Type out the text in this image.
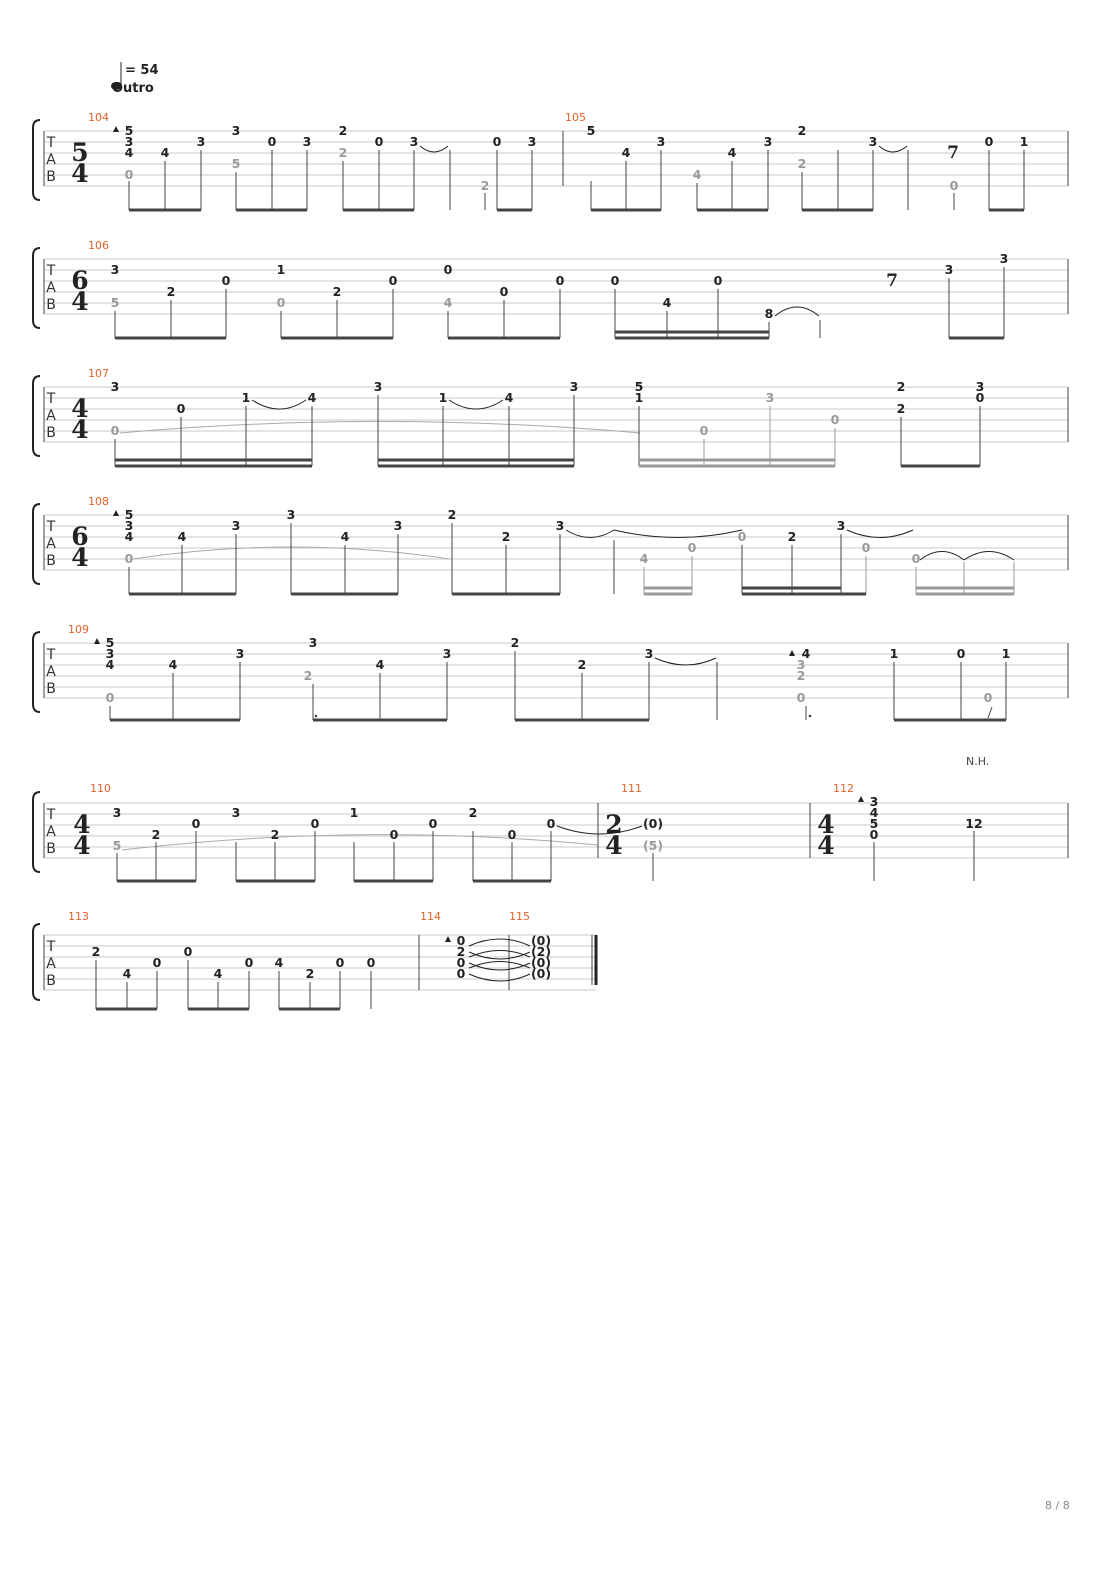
= 54
Outro
T
A
B
5
4
104	105
5
3
4 4
3
0
3
5
0 3
2
2
0 3
2
0 3
5
4
3
4
3
4
2
2
3
0
7
0 1
T
A
B
6
4
106
3
5
2
0
1
0
2
0
0
4
0
0	0
4
0
8
7
3
3
T
A
B
4
4
107
3
0
0
1	4
3
1	4
3	5
1
0
3
0
2
2
3
0
T
A
B
6
4
108
5
3
4
0
4
3
3
4
3
2
2
3
4
0
0	2
3
0
0
T
A
B
109
5
3
4
0
4
3
3
2
4
3
2
2
3	4
3
2
0
1	0	1
0
N.H.
T
A
B
4
4
2
4
4
4
110	111	112
3
5
2
0
3
2
0
1
0
0
2
0
0	(0)
(5)
3
4
5
0
12
T
A
B
113	114	115
2
4
0
0
4
0 4
2
0 0
0
2
0
0
(0)
(2)
(0)
(0)
8 / 8
